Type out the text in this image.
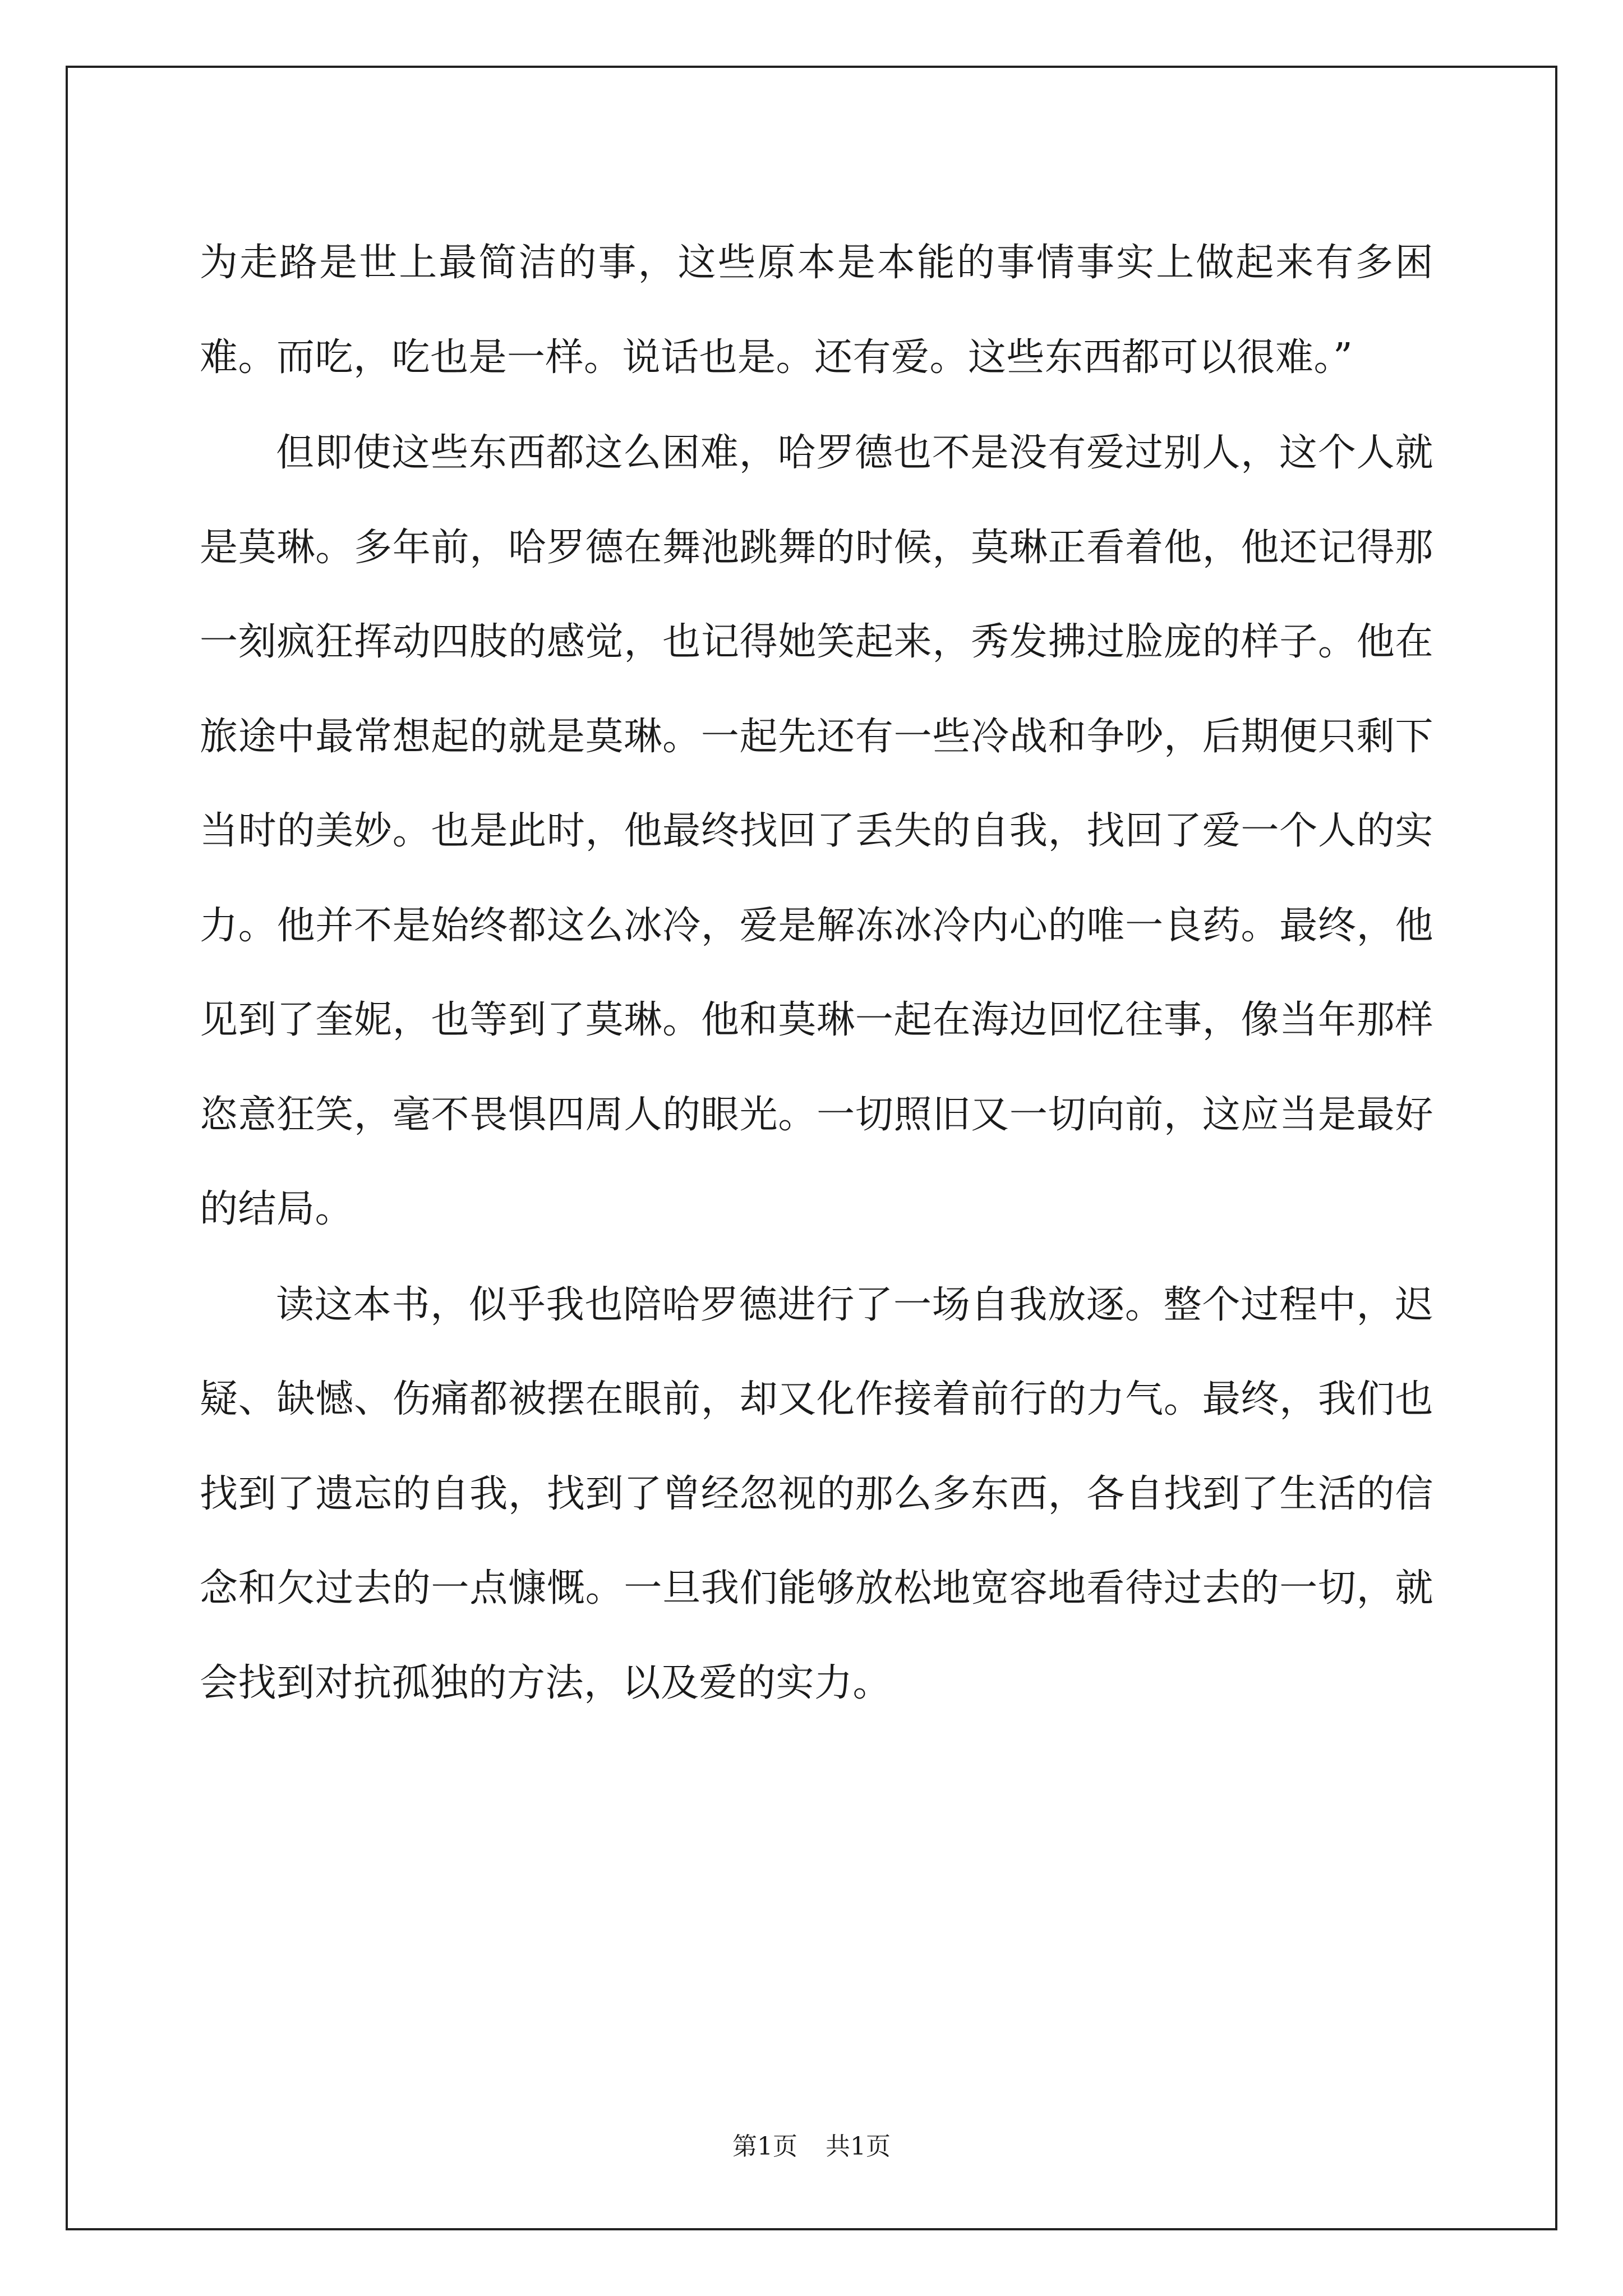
为走路是世上最简洁的事，这些原本是本能的事情事实上做起来有多困难。而吃，吃也是一样。说话也是。还有爱。这些东西都可以很难。”

但即使这些东西都这么困难，哈罗德也不是没有爱过别人，这个人就是莫琳。多年前，哈罗德在舞池跳舞的时候，莫琳正看着他，他还记得那一刻疯狂挥动四肢的感觉，也记得她笑起来，秀发拂过脸庞的样子。他在旅途中最常想起的就是莫琳。一起先还有一些冷战和争吵，后期便只剩下当时的美妙。也是此时，他最终找回了丢失的自我，找回了爱一个人的实力。他并不是始终都这么冰冷，爱是解冻冰冷内心的唯一良药。最终，他见到了奎妮，也等到了莫琳。他和莫琳一起在海边回忆往事，像当年那样恣意狂笑，毫不畏惧四周人的眼光。一切照旧又一切向前，这应当是最好的结局。

读这本书，似乎我也陪哈罗德进行了一场自我放逐。整个过程中，迟疑、缺憾、伤痛都被摆在眼前，却又化作接着前行的力气。最终，我们也找到了遗忘的自我，找到了曾经忽视的那么多东西，各自找到了生活的信念和欠过去的一点慷慨。一旦我们能够放松地宽容地看待过去的一切，就会找到对抗孤独的方法，以及爱的实力。

第1页 共1页
